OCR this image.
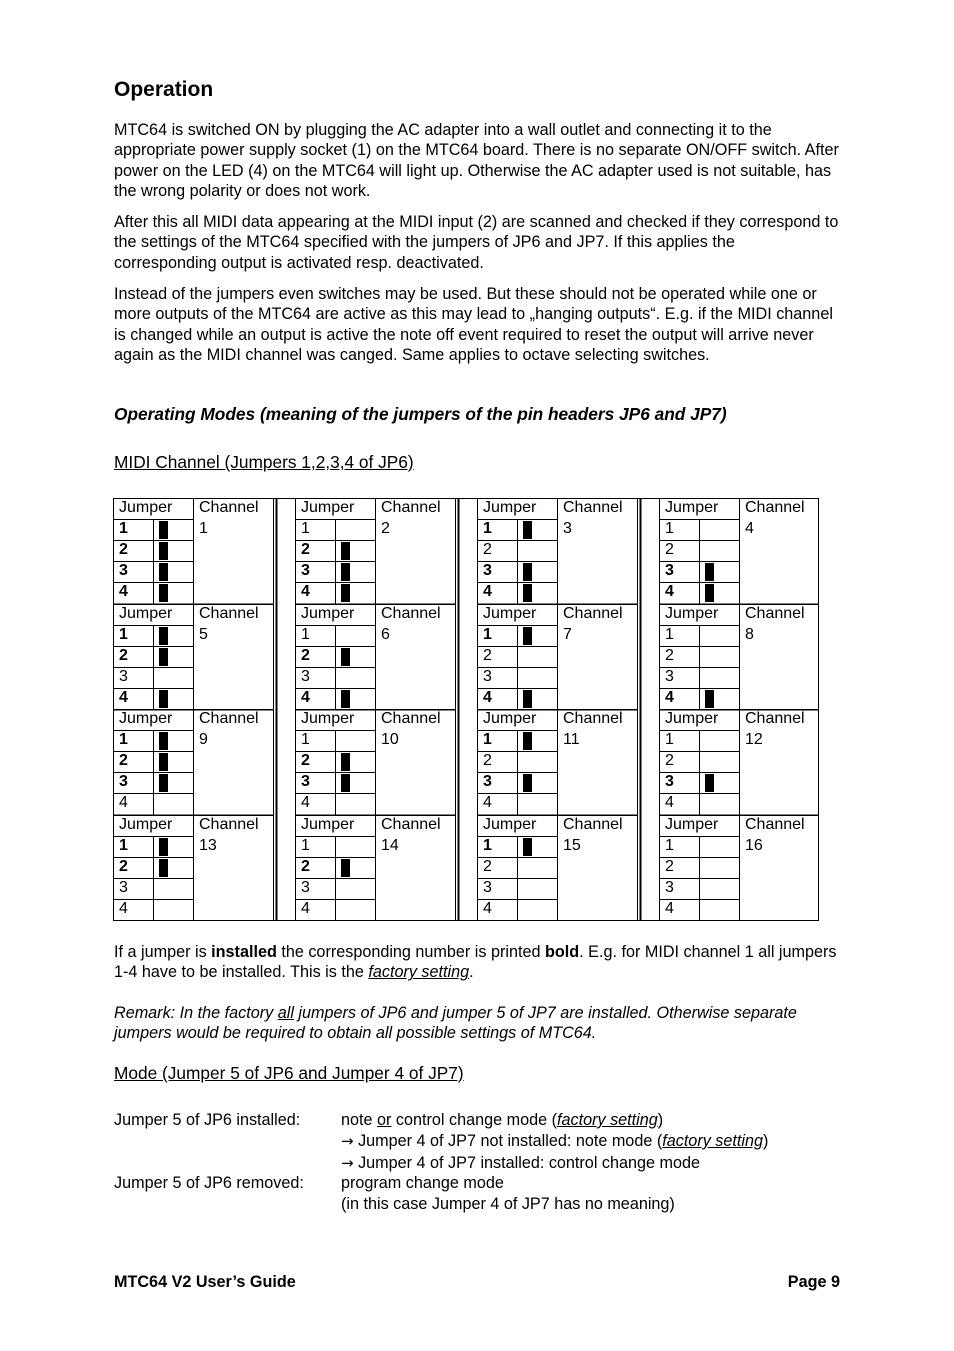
Operation

MTC64 is switched ON by plugging the AC adapter into a wall outlet and connecting it to the appropriate power supply socket (1) on the MTC64 board. There is no separate ON/OFF switch. After power on the LED (4) on the MTC64 will light up. Otherwise the AC adapter used is not suitable, has the wrong polarity or does not work.

After this all MIDI data appearing at the MIDI input (2) are scanned and checked if they correspond to the settings of the MTC64 specified with the jumpers of JP6 and JP7. If this applies the corresponding output is activated resp. deactivated.

Instead of the jumpers even switches may be used. But these should not be operated while one or more outputs of the MTC64 are active as this may lead to „hanging outputs“. E.g. if the MIDI channel is changed while an output is active the note off event required to reset the output will arrive never again as the MIDI channel was canged. Same applies to octave selecting switches.

Operating Modes (meaning of the jumpers of the pin headers JP6 and JP7)
MIDI Channel (Jumpers 1,2,3,4 of JP6)
Jumper Channel
1
1
2
3
4
Jumper Channel
2
1
2
3
4
Jumper Channel
3
1
2
3
4
Jumper Channel
4
1
2
3
4
Jumper Channel
5
1
2
3
4
Jumper Channel
6
1
2
3
4
Jumper Channel
7
1
2
3
4
Jumper Channel
8
1
2
3
4
Jumper Channel
9
1
2
3
4
Jumper Channel
10
1
2
3
4
Jumper Channel
11
1
2
3
4
Jumper Channel
12
1
2
3
4
Jumper Channel
13
1
2
3
4
Jumper Channel
14
1
2
3
4
Jumper Channel
15
1
2
3
4
Jumper Channel
16
1
2
3
4

If a jumper is installed the corresponding number is printed bold. E.g. for MIDI channel 1 all jumpers 1-4 have to be installed. This is the factory setting.

Remark: In the factory all jumpers of JP6 and jumper 5 of JP7 are installed. Otherwise separate jumpers would be required to obtain all possible settings of MTC64.

Mode (Jumper 5 of JP6 and Jumper 4 of JP7)
Jumper 5 of JP6 installed:	note or control change mode (factory setting)
→ Jumper 4 of JP7 not installed: note mode (factory setting)
→ Jumper 4 of JP7 installed: control change mode
Jumper 5 of JP6 removed: program change mode
(in this case Jumper 4 of JP7 has no meaning)
MTC64 V2 User’s Guide	Page 9
